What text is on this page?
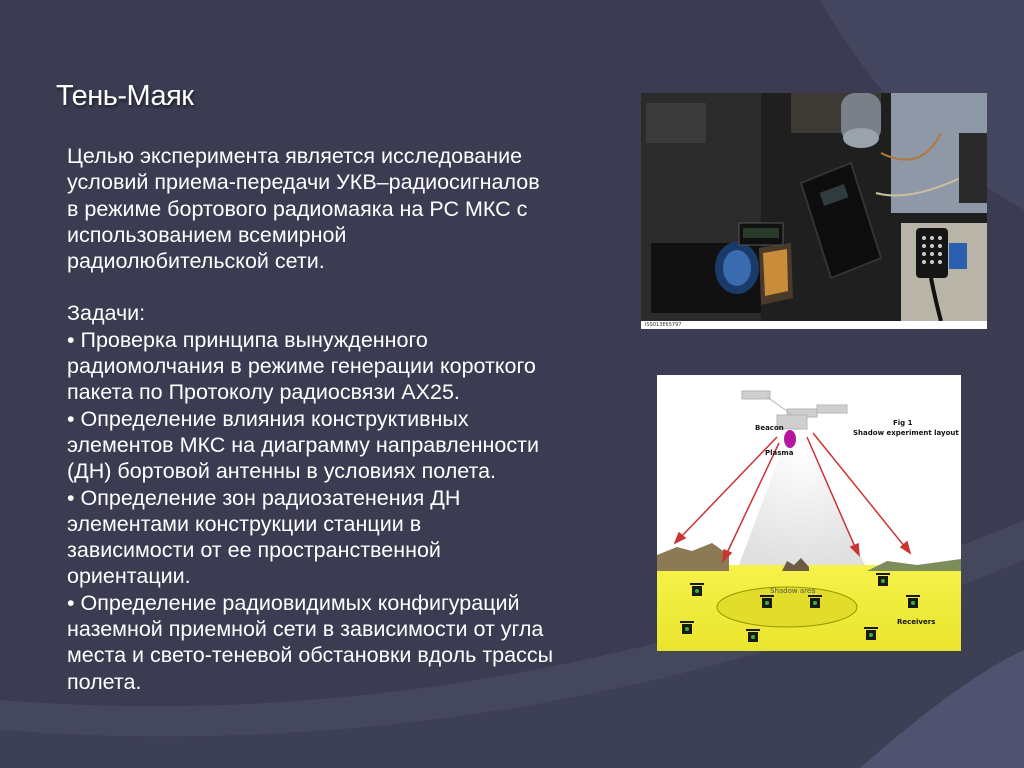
Тень-Маяк

Целью эксперимента является исследование

условий приема-передачи УКВ–радиосигналов

в режиме бортового радиомаяка на РС МКС с

использованием всемирной

радиолюбительской сети.

Задачи:

• Проверка принципа вынужденного

радиомолчания в режиме генерации короткого

пакета по Протоколу радиосвязи АХ25.

• Определение влияния конструктивных

элементов МКС на диаграмму направленности

(ДН) бортовой антенны в условиях полета.

• Определение зон радиозатенения ДН

элементами конструкции станции в

зависимости от ее пространственной

ориентации.

• Определение радиовидимых конфигураций

наземной приемной сети в зависимости от угла

места и свето-теневой обстановки вдоль трассы

полета.

ISS013E65797
Fig 1
Shadow experiment layout
Beacon
Plasma
Shadow area
Receivers
